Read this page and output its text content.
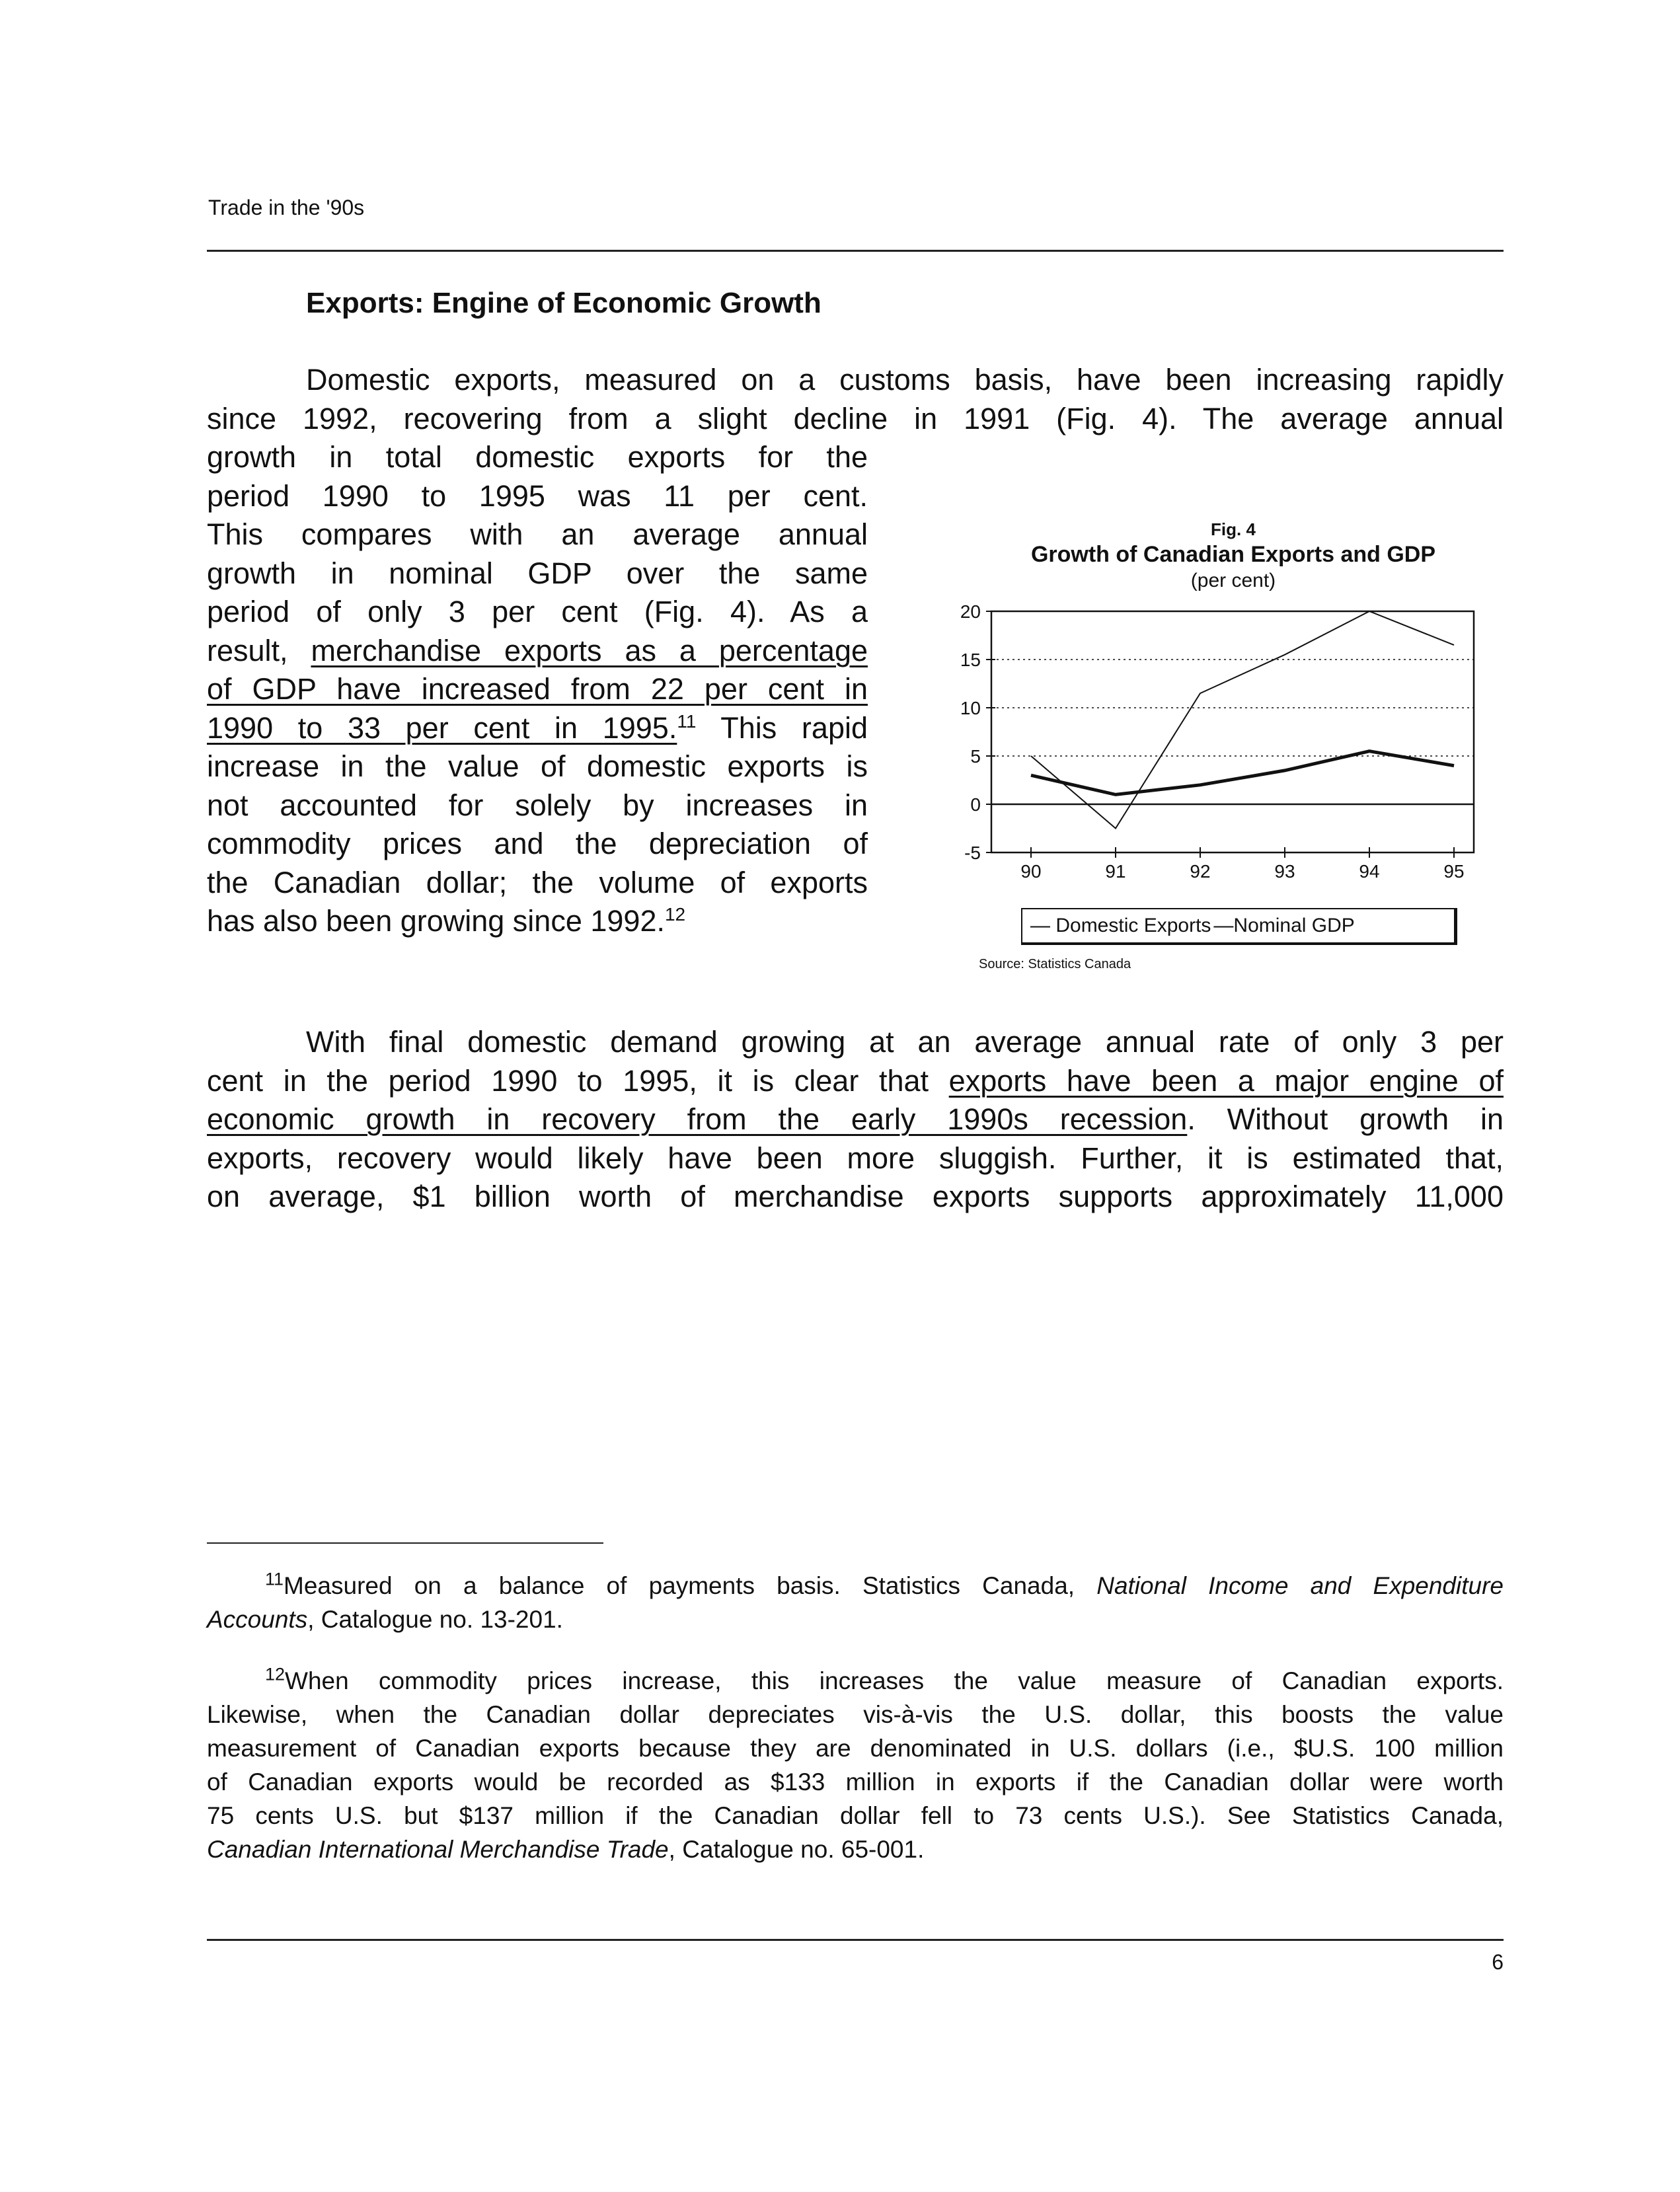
Trade in the '90s
Exports: Engine of Economic Growth

Domestic exports, measured on a customs basis, have been increasing rapidly

since 1992, recovering from a slight decline in 1991 (Fig. 4). The average annual

growth in total domestic exports for the

period 1990 to 1995 was 11 per cent.

This compares with an average annual

growth in nominal GDP over the same

period of only 3 per cent (Fig. 4). As a

result, merchandise exports as a percentage

of GDP have increased from 22 per cent in

1990 to 33 per cent in 1995.11 This rapid

increase in the value of domestic exports is

not accounted for solely by increases in

commodity prices and the depreciation of

the Canadian dollar; the volume of exports

has also been growing since 1992.12

Fig. 4
Growth of Canadian Exports and GDP
(per cent)
20
15
10
5
0
-5
90	91	92	93	94	95
— Domestic Exports —Nominal GDP
Source: Statistics Canada

With final domestic demand growing at an average annual rate of only 3 per

cent in the period 1990 to 1995, it is clear that exports have been a major engine of

economic growth in recovery from the early 1990s recession. Without growth in

exports, recovery would likely have been more sluggish. Further, it is estimated that,

on average, $1 billion worth of merchandise exports supports approximately 11,000

$^{11}$Measured on a balance of payments basis. Statistics Canada, National Income and Expenditure

Accounts, Catalogue no. 13-201.

$^{12}$When commodity prices increase, this increases the value measure of Canadian exports.

Likewise, when the Canadian dollar depreciates vis-à-vis the U.S. dollar, this boosts the value

measurement of Canadian exports because they are denominated in U.S. dollars (i.e., $U.S. 100 million

of Canadian exports would be recorded as $133 million in exports if the Canadian dollar were worth

75 cents U.S. but $137 million if the Canadian dollar fell to 73 cents U.S.). See Statistics Canada,

Canadian International Merchandise Trade, Catalogue no. 65-001.

6
